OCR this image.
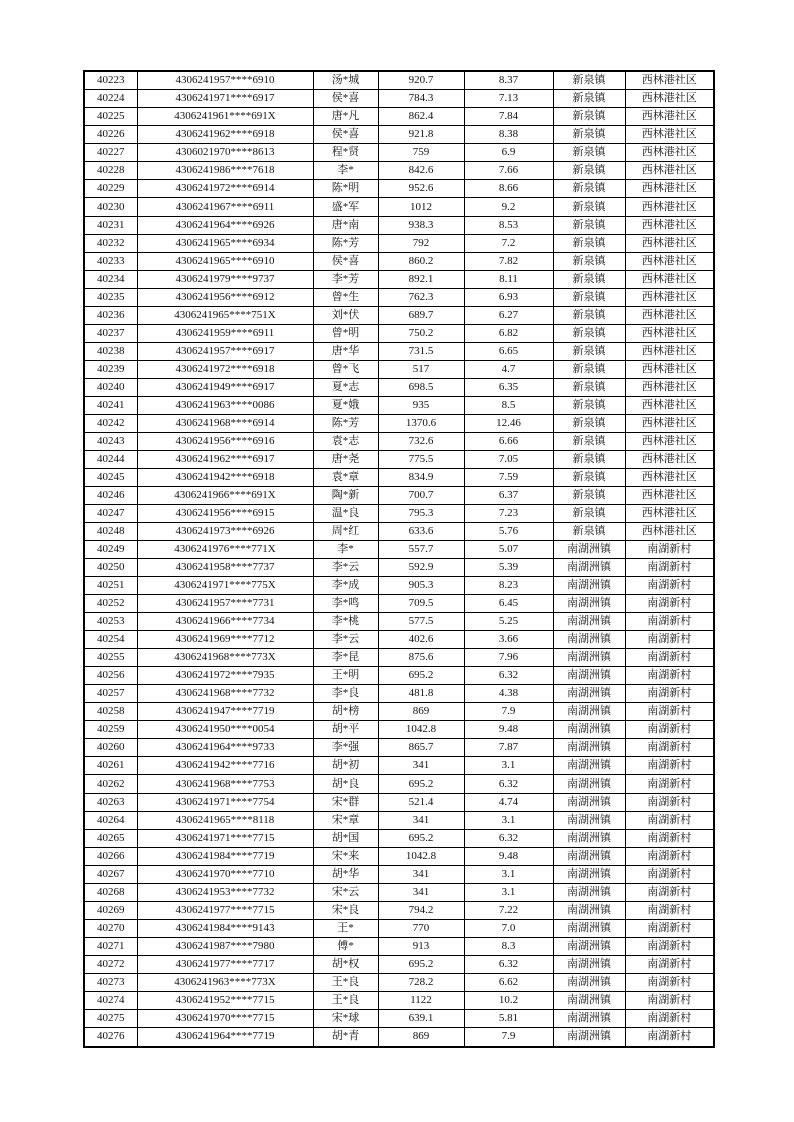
40223	4306241957****6910	汤*城	920.7	8.37	新泉镇	西林港社区
40224	4306241971****6917	侯*喜	784.3	7.13	新泉镇	西林港社区
40225	4306241961****691X	唐*凡	862.4	7.84	新泉镇	西林港社区
40226	4306241962****6918	侯*喜	921.8	8.38	新泉镇	西林港社区
40227	4306021970****8613	程*贤	759	6.9	新泉镇	西林港社区
40228	4306241986****7618	李*	842.6	7.66	新泉镇	西林港社区
40229	4306241972****6914	陈*明	952.6	8.66	新泉镇	西林港社区
40230	4306241967****6911	盛*军	1012	9.2	新泉镇	西林港社区
40231	4306241964****6926	唐*南	938.3	8.53	新泉镇	西林港社区
40232	4306241965****6934	陈*芳	792	7.2	新泉镇	西林港社区
40233	4306241965****6910	侯*喜	860.2	7.82	新泉镇	西林港社区
40234	4306241979****9737	李*芳	892.1	8.11	新泉镇	西林港社区
40235	4306241956****6912	曾*生	762.3	6.93	新泉镇	西林港社区
40236	4306241965****751X	刘*伏	689.7	6.27	新泉镇	西林港社区
40237	4306241959****6911	曾*明	750.2	6.82	新泉镇	西林港社区
40238	4306241957****6917	唐*华	731.5	6.65	新泉镇	西林港社区
40239	4306241972****6918	曾*飞	517	4.7	新泉镇	西林港社区
40240	4306241949****6917	夏*志	698.5	6.35	新泉镇	西林港社区
40241	4306241963****0086	夏*娥	935	8.5	新泉镇	西林港社区
40242	4306241968****6914	陈*芳	1370.6	12.46	新泉镇	西林港社区
40243	4306241956****6916	袁*志	732.6	6.66	新泉镇	西林港社区
40244	4306241962****6917	唐*尧	775.5	7.05	新泉镇	西林港社区
40245	4306241942****6918	袁*章	834.9	7.59	新泉镇	西林港社区
40246	4306241966****691X	陶*新	700.7	6.37	新泉镇	西林港社区
40247	4306241956****6915	温*良	795.3	7.23	新泉镇	西林港社区
40248	4306241973****6926	周*红	633.6	5.76	新泉镇	西林港社区
40249	4306241976****771X	李*	557.7	5.07	南湖洲镇	南湖新村
40250	4306241958****7737	李*云	592.9	5.39	南湖洲镇	南湖新村
40251	4306241971****775X	李*成	905.3	8.23	南湖洲镇	南湖新村
40252	4306241957****7731	李*鸣	709.5	6.45	南湖洲镇	南湖新村
40253	4306241966****7734	李*桃	577.5	5.25	南湖洲镇	南湖新村
40254	4306241969****7712	李*云	402.6	3.66	南湖洲镇	南湖新村
40255	4306241968****773X	李*昆	875.6	7.96	南湖洲镇	南湖新村
40256	4306241972****7935	王*明	695.2	6.32	南湖洲镇	南湖新村
40257	4306241968****7732	李*良	481.8	4.38	南湖洲镇	南湖新村
40258	4306241947****7719	胡*榜	869	7.9	南湖洲镇	南湖新村
40259	4306241950****0054	胡*平	1042.8	9.48	南湖洲镇	南湖新村
40260	4306241964****9733	李*强	865.7	7.87	南湖洲镇	南湖新村
40261	4306241942****7716	胡*初	341	3.1	南湖洲镇	南湖新村
40262	4306241968****7753	胡*良	695.2	6.32	南湖洲镇	南湖新村
40263	4306241971****7754	宋*群	521.4	4.74	南湖洲镇	南湖新村
40264	4306241965****8118	宋*章	341	3.1	南湖洲镇	南湖新村
40265	4306241971****7715	胡*国	695.2	6.32	南湖洲镇	南湖新村
40266	4306241984****7719	宋*来	1042.8	9.48	南湖洲镇	南湖新村
40267	4306241970****7710	胡*华	341	3.1	南湖洲镇	南湖新村
40268	4306241953****7732	宋*云	341	3.1	南湖洲镇	南湖新村
40269	4306241977****7715	宋*良	794.2	7.22	南湖洲镇	南湖新村
40270	4306241984****9143	王*	770	7.0	南湖洲镇	南湖新村
40271	4306241987****7980	傅*	913	8.3	南湖洲镇	南湖新村
40272	4306241977****7717	胡*权	695.2	6.32	南湖洲镇	南湖新村
40273	4306241963****773X	王*良	728.2	6.62	南湖洲镇	南湖新村
40274	4306241952****7715	王*良	1122	10.2	南湖洲镇	南湖新村
40275	4306241970****7715	宋*球	639.1	5.81	南湖洲镇	南湖新村
40276	4306241964****7719	胡*青	869	7.9	南湖洲镇	南湖新村
